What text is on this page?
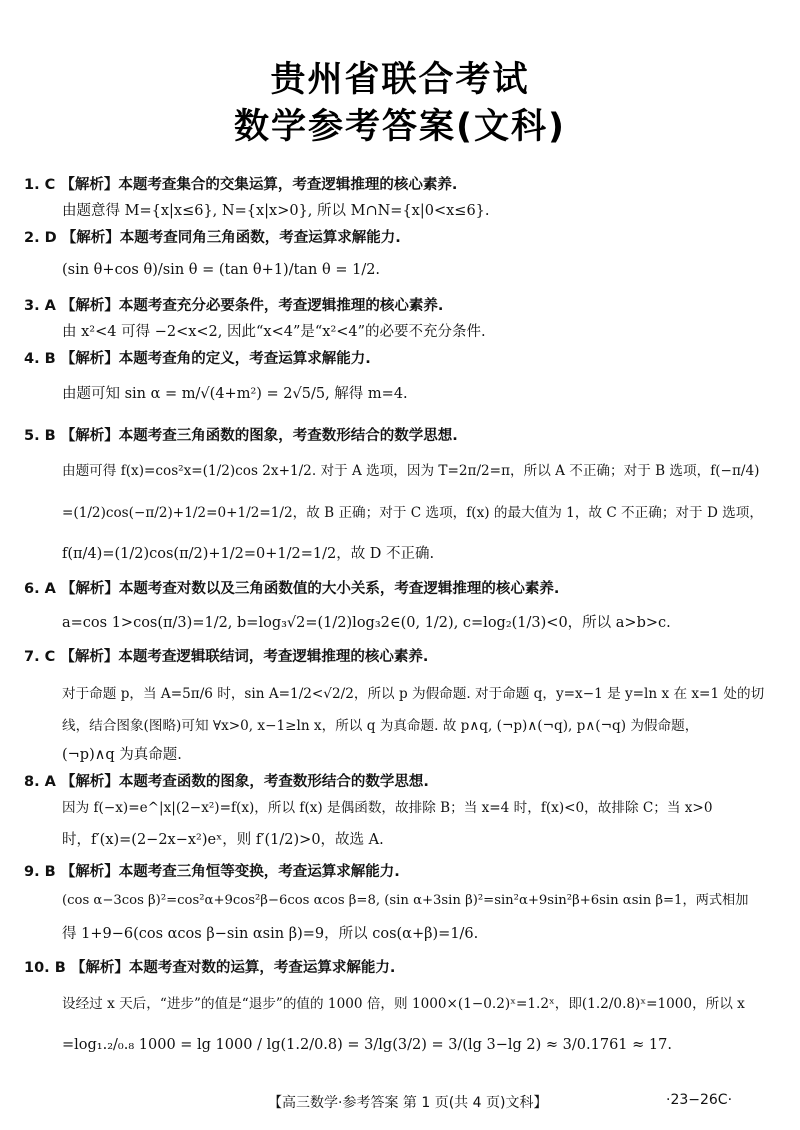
贵州省联合考试
数学参考答案(文科)
1. C 【解析】本题考查集合的交集运算，考查逻辑推理的核心素养.
由题意得 M={x|x≤6}, N={x|x>0}, 所以 M∩N={x|0<x≤6}.
2. D 【解析】本题考查同角三角函数，考查运算求解能力.
(sin θ+cos θ)/sin θ = (tan θ+1)/tan θ = 1/2.
3. A 【解析】本题考查充分必要条件，考查逻辑推理的核心素养.
由 x²<4 可得 −2<x<2, 因此“x<4”是“x²<4”的必要不充分条件.
4. B 【解析】本题考查角的定义，考查运算求解能力.
由题可知 sin α = m/√(4+m²) = 2√5/5, 解得 m=4.
5. B 【解析】本题考查三角函数的图象，考查数形结合的数学思想.
由题可得 f(x)=cos²x=(1/2)cos 2x+1/2. 对于 A 选项，因为 T=2π/2=π，所以 A 不正确；对于 B 选项，f(−π/4)
=(1/2)cos(−π/2)+1/2=0+1/2=1/2，故 B 正确；对于 C 选项，f(x) 的最大值为 1，故 C 不正确；对于 D 选项，
f(π/4)=(1/2)cos(π/2)+1/2=0+1/2=1/2，故 D 不正确.
6. A 【解析】本题考查对数以及三角函数值的大小关系，考查逻辑推理的核心素养.
a=cos 1>cos(π/3)=1/2, b=log₃√2=(1/2)log₃2∈(0, 1/2), c=log₂(1/3)<0，所以 a>b>c.
7. C 【解析】本题考查逻辑联结词，考查逻辑推理的核心素养.
对于命题 p，当 A=5π/6 时，sin A=1/2<√2/2，所以 p 为假命题. 对于命题 q，y=x−1 是 y=ln x 在 x=1 处的切
线，结合图象(图略)可知 ∀x>0, x−1≥ln x，所以 q 为真命题. 故 p∧q, (¬p)∧(¬q), p∧(¬q) 为假命题，
(¬p)∧q 为真命题.
8. A 【解析】本题考查函数的图象，考查数形结合的数学思想.
因为 f(−x)=e^|x|(2−x²)=f(x)，所以 f(x) 是偶函数，故排除 B；当 x=4 时，f(x)<0，故排除 C；当 x>0
时，f′(x)=(2−2x−x²)eˣ，则 f′(1/2)>0，故选 A.
9. B 【解析】本题考查三角恒等变换，考查运算求解能力.
(cos α−3cos β)²=cos²α+9cos²β−6cos αcos β=8, (sin α+3sin β)²=sin²α+9sin²β+6sin αsin β=1，两式相加
得 1+9−6(cos αcos β−sin αsin β)=9，所以 cos(α+β)=1/6.
10. B 【解析】本题考查对数的运算，考查运算求解能力.
设经过 x 天后，“进步”的值是“退步”的值的 1000 倍，则 1000×(1−0.2)ˣ=1.2ˣ，即(1.2/0.8)ˣ=1000，所以 x
=log₁.₂/₀.₈ 1000 = lg 1000 / lg(1.2/0.8) = 3/lg(3/2) = 3/(lg 3−lg 2) ≈ 3/0.1761 ≈ 17.
【高三数学·参考答案 第 1 页(共 4 页)文科】	·23−26C·
